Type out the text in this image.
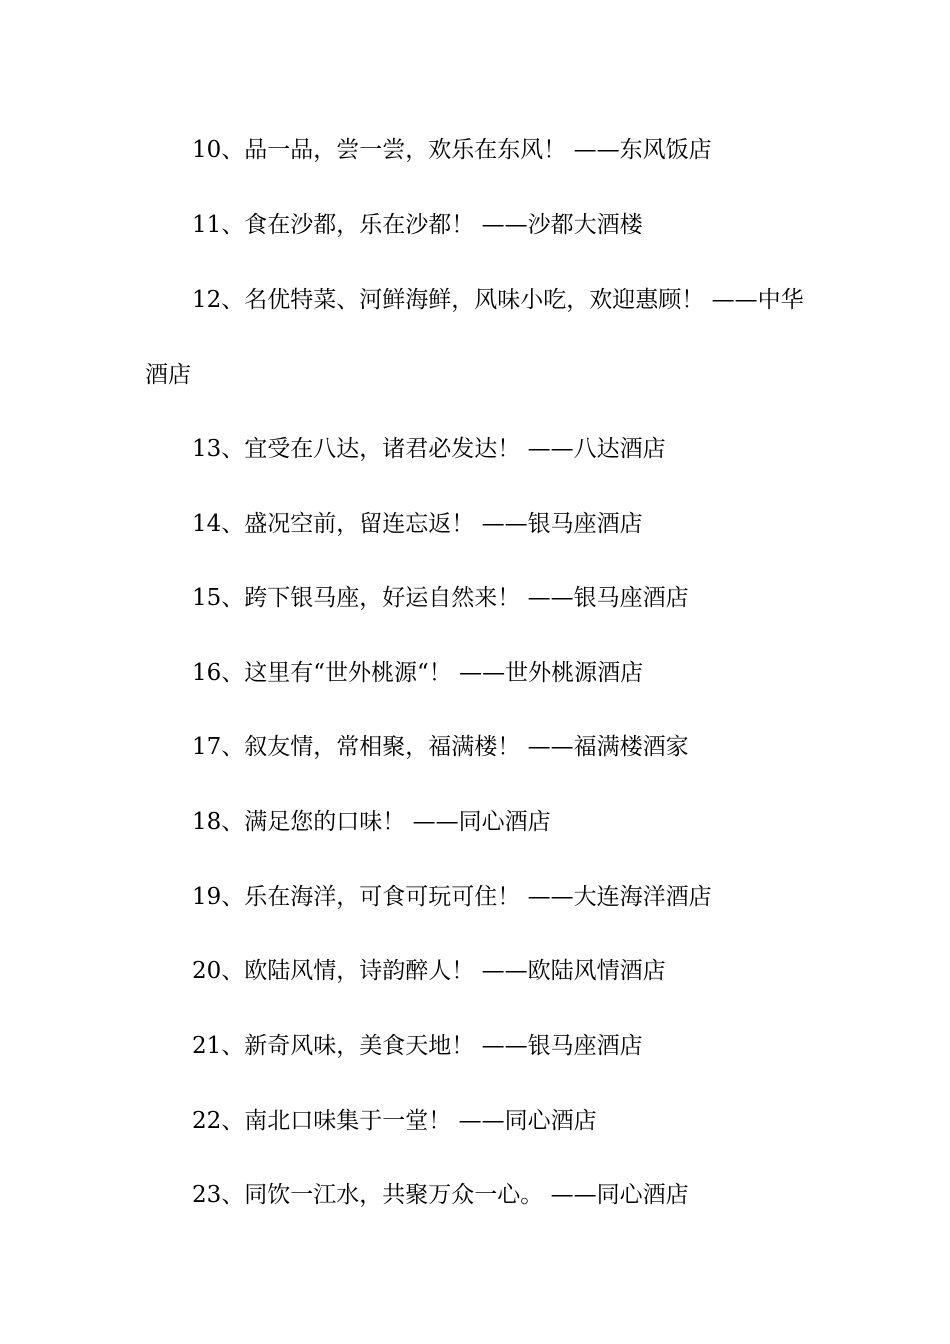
10、品一品，尝一尝，欢乐在东风！ ——东风饭店

11、食在沙都，乐在沙都！ ——沙都大酒楼

12、名优特菜、河鲜海鲜，风味小吃，欢迎惠顾！ ——中华酒店

13、宜受在八达，诸君必发达！ ——八达酒店

14、盛况空前，留连忘返！ ——银马座酒店

15、跨下银马座，好运自然来！ ——银马座酒店

16、这里有“世外桃源“！ ——世外桃源酒店

17、叙友情，常相聚，福满楼！ ——福满楼酒家

18、满足您的口味！ ——同心酒店

19、乐在海洋，可食可玩可住！ ——大连海洋酒店

20、欧陆风情，诗韵醉人！ ——欧陆风情酒店

21、新奇风味，美食天地！ ——银马座酒店

22、南北口味集于一堂！ ——同心酒店

23、同饮一江水，共聚万众一心。 ——同心酒店
